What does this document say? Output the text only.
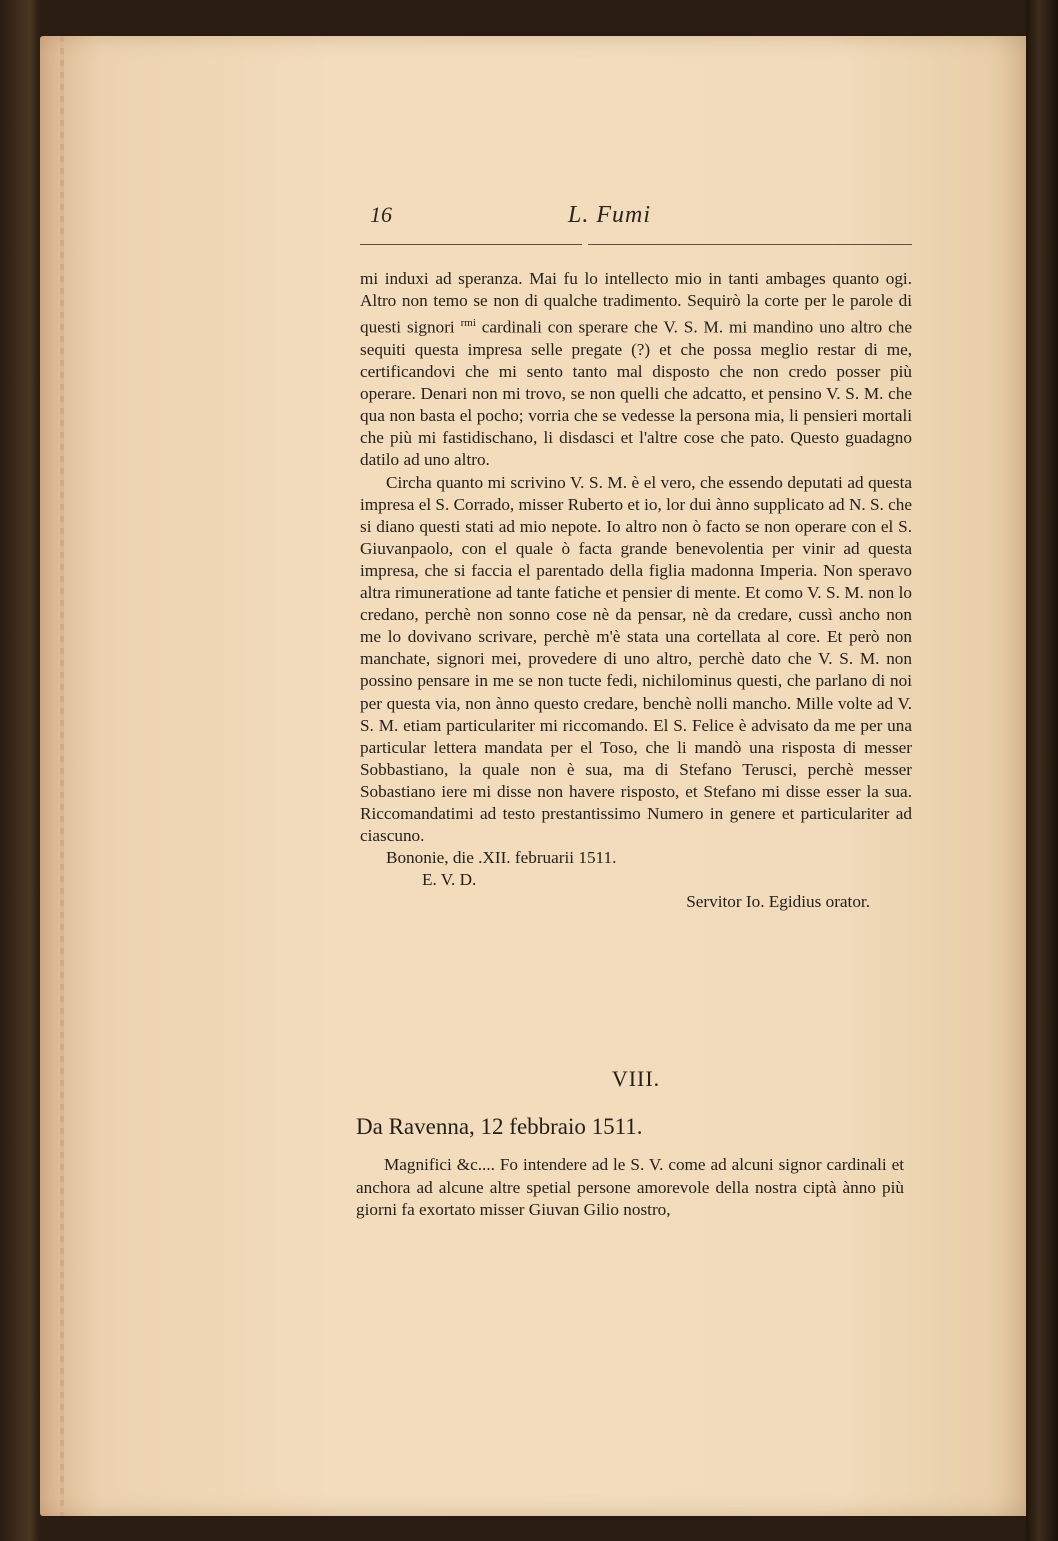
16	L. Fumi

mi induxi ad speranza. Mai fu lo intellecto mio in tanti ambages quanto ogi. Altro non temo se non di qualche tradimento. Sequirò la corte per le parole di questi signori $^{rmi}$ cardinali con sperare che V. S. M. mi mandino uno altro che sequiti questa impresa selle pregate (?) et che possa meglio restar di me, certificandovi che mi sento tanto mal disposto che non credo posser più operare. Denari non mi trovo, se non quelli che adcatto, et pensino V. S. M. che qua non basta el pocho; vorria che se vedesse la persona mia, li pensieri mortali che più mi fastidischano, li disdasci et l'altre cose che pato. Questo guadagno datilo ad uno altro.

Circha quanto mi scrivino V. S. M. è el vero, che essendo deputati ad questa impresa el S. Corrado, misser Ruberto et io, lor dui ànno supplicato ad N. S. che si diano questi stati ad mio nepote. Io altro non ò facto se non operare con el S. Giuvanpaolo, con el quale ò facta grande benevolentia per vinir ad questa impresa, che si faccia el parentado della figlia madonna Imperia. Non speravo altra rimuneratione ad tante fatiche et pensier di mente. Et como V. S. M. non lo credano, perchè non sonno cose nè da pensar, nè da credare, cussì ancho non me lo dovivano scrivare, perchè m'è stata una cortellata al core. Et però non manchate, signori mei, provedere di uno altro, perchè dato che V. S. M. non possino pensare in me se non tucte fedi, nichilominus questi, che parlano di noi per questa via, non ànno questo credare, benchè nolli mancho. Mille volte ad V. S. M. etiam particulariter mi riccomando. El S. Felice è advisato da me per una particular lettera mandata per el Toso, che li mandò una risposta di messer Sobbastiano, la quale non è sua, ma di Stefano Terusci, perchè messer Sobastiano iere mi disse non havere risposto, et Stefano mi disse esser la sua. Riccomandatimi ad testo prestantissimo Numero in genere et particulariter ad ciascuno.

Bononie, die .XII. februarii 1511.

E. V. D.

Servitor Io. Egidius orator.

VIII.
Da Ravenna, 12 febbraio 1511.

Magnifici &c.... Fo intendere ad le S. V. come ad alcuni signor cardinali et anchora ad alcune altre spetial persone amorevole della nostra ciptà ànno più giorni fa exortato misser Giuvan Gilio nostro,
